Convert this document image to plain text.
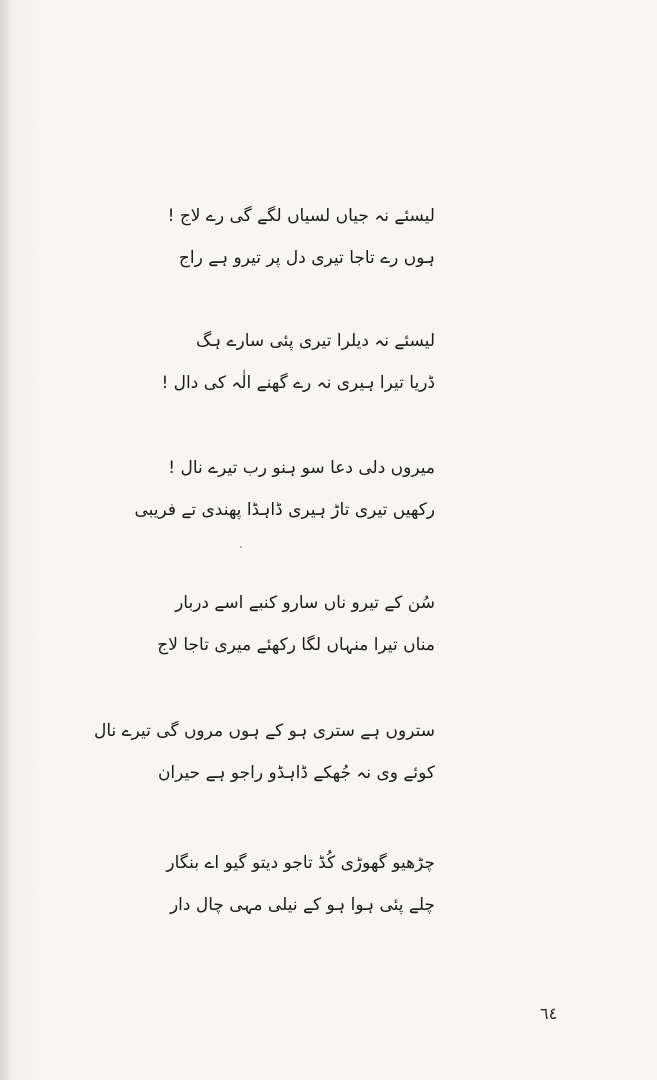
لیسئے نہ جیاں لسیاں لگے گی رے لاج !
ہوں رے تاجا تیری دل پر تیرو ہے راج
لیسئے نہ دیلرا تیری پئی سارے ہگ
ڈریا تیرا ہیری نہ رے گھنے الٰہ کی دال !
میروں دلی دعا سو ہنو رب تیرے نال !
رکھیں تیری تاڑ ہیری ڈاہڈا پھندی تے فریبی
سُن کے تیرو ناں سارو کنبے اسے دربار
مناں تیرا منہاں لگا رکھئے میری تاجا لاج
ستروں ہے ستری ہو کے ہوں مروں گی تیرے نال
کوئے وی نہ جُھکے ڈاہڈو راجو ہے حیران
چڑھیو گھوڑی کُڈ تاجو دیتو گیو اے بنگار
چلے پئی ہوا ہو کے نیلی مہی چال دار
٦٤
